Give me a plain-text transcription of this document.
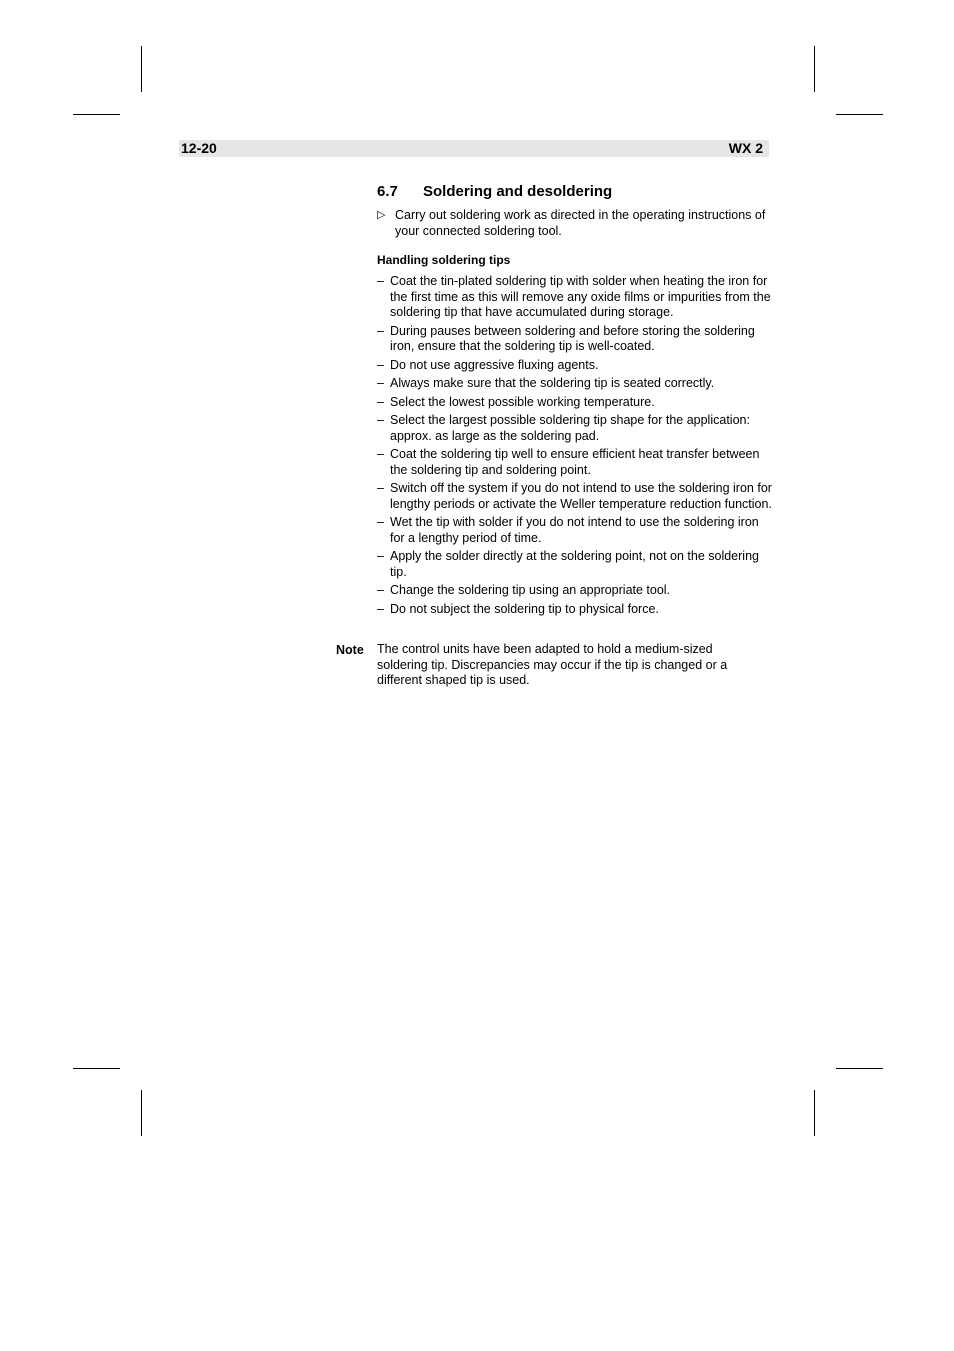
12-20	WX 2
6.7 Soldering and desoldering
▷ Carry out soldering work as directed in the operating instructions of your connected soldering tool.
Handling soldering tips
– Coat the tin-plated soldering tip with solder when heating the iron for the first time as this will remove any oxide films or impurities from the soldering tip that have accumulated during storage.
– During pauses between soldering and before storing the soldering iron, ensure that the soldering tip is well-coated.
– Do not use aggressive fluxing agents.
– Always make sure that the soldering tip is seated correctly.
– Select the lowest possible working temperature.
– Select the largest possible soldering tip shape for the application: approx. as large as the soldering pad.
– Coat the soldering tip well to ensure efficient heat transfer between the soldering tip and soldering point.
– Switch off the system if you do not intend to use the soldering iron for lengthy periods or activate the Weller temperature reduction function.
– Wet the tip with solder if you do not intend to use the soldering iron for a lengthy period of time.
– Apply the solder directly at the soldering point, not on the soldering tip.
– Change the soldering tip using an appropriate tool.
– Do not subject the soldering tip to physical force.
Note The control units have been adapted to hold a medium-sized soldering tip. Discrepancies may occur if the tip is changed or a different shaped tip is used.
